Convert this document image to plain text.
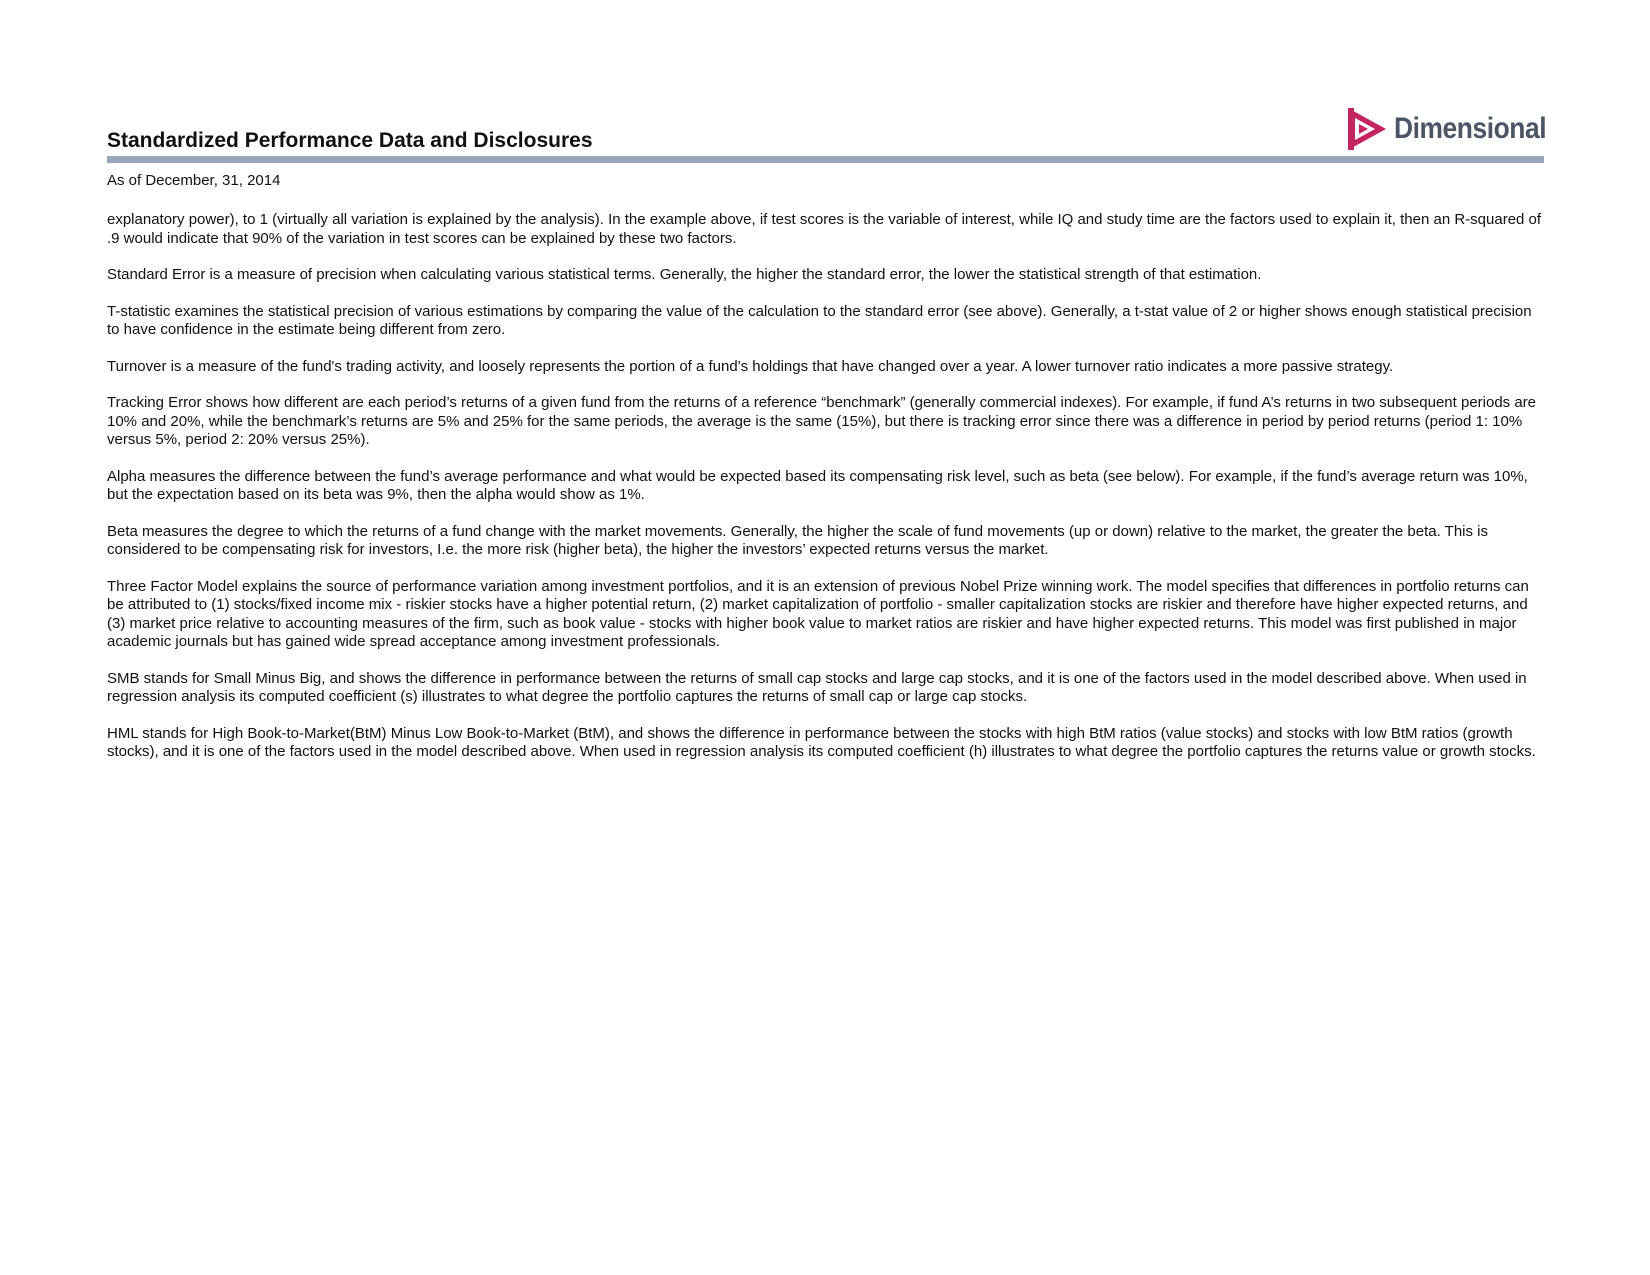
Standardized Performance Data and Disclosures	Dimensional
As of December, 31, 2014

explanatory power), to 1 (virtually all variation is explained by the analysis). In the example above, if test scores is the variable of interest, while IQ and study time are the factors used to explain it, then an R-squared of .9 would indicate that 90% of the variation in test scores can be explained by these two factors.

Standard Error is a measure of precision when calculating various statistical terms. Generally, the higher the standard error, the lower the statistical strength of that estimation.

T-statistic examines the statistical precision of various estimations by comparing the value of the calculation to the standard error (see above). Generally, a t-stat value of 2 or higher shows enough statistical precision to have confidence in the estimate being different from zero.

Turnover is a measure of the fund's trading activity, and loosely represents the portion of a fund's holdings that have changed over a year. A lower turnover ratio indicates a more passive strategy.

Tracking Error shows how different are each period’s returns of a given fund from the returns of a reference “benchmark” (generally commercial indexes). For example, if fund A’s returns in two subsequent periods are 10% and 20%, while the benchmark’s returns are 5% and 25% for the same periods, the average is the same (15%), but there is tracking error since there was a difference in period by period returns (period 1: 10% versus 5%, period 2: 20% versus 25%).

Alpha measures the difference between the fund’s average performance and what would be expected based its compensating risk level, such as beta (see below). For example, if the fund’s average return was 10%, but the expectation based on its beta was 9%, then the alpha would show as 1%.

Beta measures the degree to which the returns of a fund change with the market movements. Generally, the higher the scale of fund movements (up or down) relative to the market, the greater the beta. This is considered to be compensating risk for investors, I.e. the more risk (higher beta), the higher the investors’ expected returns versus the market.

Three Factor Model explains the source of performance variation among investment portfolios, and it is an extension of previous Nobel Prize winning work. The model specifies that differences in portfolio returns can be attributed to (1) stocks/fixed income mix - riskier stocks have a higher potential return, (2) market capitalization of portfolio - smaller capitalization stocks are riskier and therefore have higher expected returns, and (3) market price relative to accounting measures of the firm, such as book value - stocks with higher book value to market ratios are riskier and have higher expected returns. This model was first published in major academic journals but has gained wide spread acceptance among investment professionals.

SMB stands for Small Minus Big, and shows the difference in performance between the returns of small cap stocks and large cap stocks, and it is one of the factors used in the model described above. When used in regression analysis its computed coefficient (s) illustrates to what degree the portfolio captures the returns of small cap or large cap stocks.

HML stands for High Book-to-Market(BtM) Minus Low Book-to-Market (BtM), and shows the difference in performance between the stocks with high BtM ratios (value stocks) and stocks with low BtM ratios (growth stocks), and it is one of the factors used in the model described above. When used in regression analysis its computed coefficient (h) illustrates to what degree the portfolio captures the returns value or growth stocks.
